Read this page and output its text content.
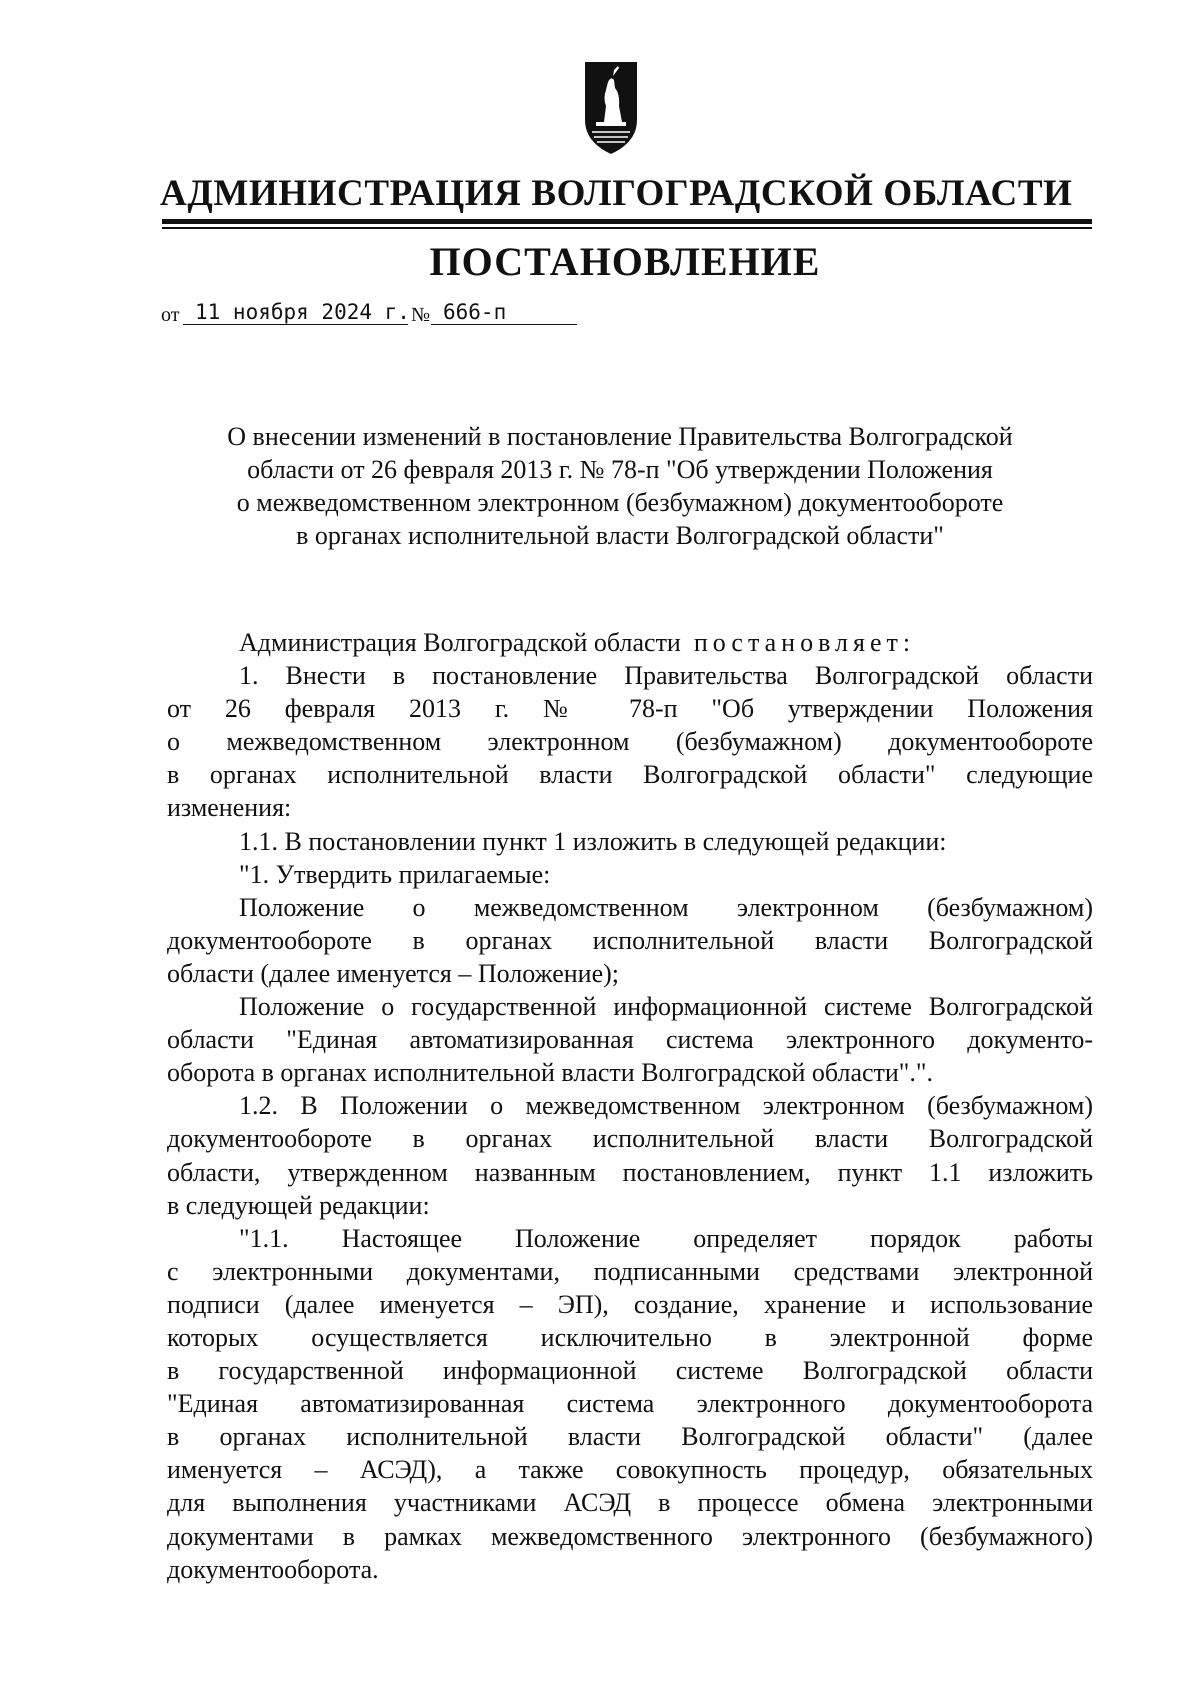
АДМИНИСТРАЦИЯ ВОЛГОГРАДСКОЙ ОБЛАСТИ
ПОСТАНОВЛЕНИЕ
от 11 ноября 2024 г. № 666-п
О внесении изменений в постановление Правительства Волгоградской
области от 26 февраля 2013 г. № 78-п "Об утверждении Положения
о межведомственном электронном (безбумажном) документообороте
в органах исполнительной власти Волгоградской области"
Администрация Волгоградской области постановляет:
1. Внести в постановление Правительства Волгоградской области
от 26 февраля 2013 г. № 78-п "Об утверждении Положения
о межведомственном электронном (безбумажном) документообороте
в органах исполнительной власти Волгоградской области" следующие
изменения:
1.1. В постановлении пункт 1 изложить в следующей редакции:
"1. Утвердить прилагаемые:
Положение о межведомственном электронном (безбумажном)
документообороте в органах исполнительной власти Волгоградской
области (далее именуется – Положение);
Положение о государственной информационной системе Волгоградской
области "Единая автоматизированная система электронного документо-
оборота в органах исполнительной власти Волгоградской области".".
1.2. В Положении о межведомственном электронном (безбумажном)
документообороте в органах исполнительной власти Волгоградской
области, утвержденном названным постановлением, пункт 1.1 изложить
в следующей редакции:
"1.1. Настоящее Положение определяет порядок работы
с электронными документами, подписанными средствами электронной
подписи (далее именуется – ЭП), создание, хранение и использование
которых осуществляется исключительно в электронной форме
в государственной информационной системе Волгоградской области
"Единая автоматизированная система электронного документооборота
в органах исполнительной власти Волгоградской области" (далее
именуется – АСЭД), а также совокупность процедур, обязательных
для выполнения участниками АСЭД в процессе обмена электронными
документами в рамках межведомственного электронного (безбумажного)
документооборота.
